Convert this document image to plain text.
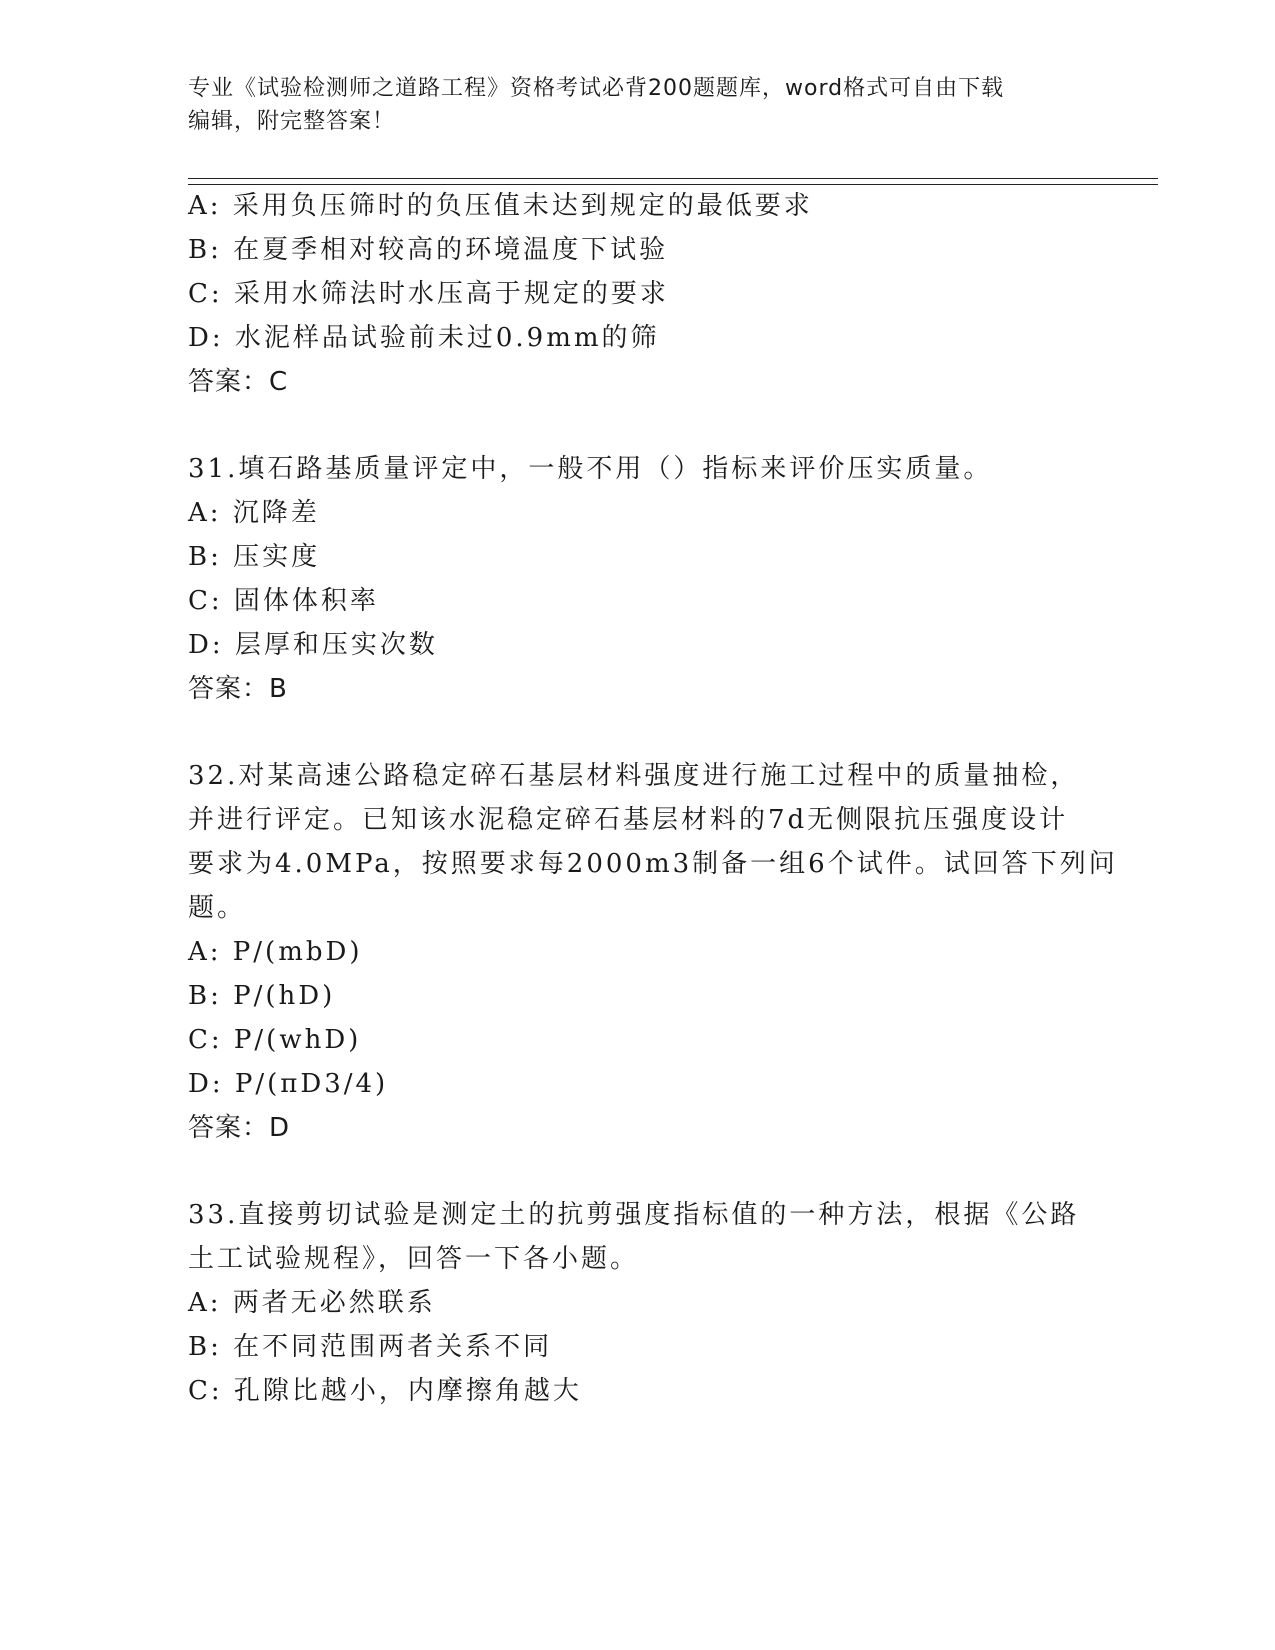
专业《试验检测师之道路工程》资格考试必背200题题库，word格式可自由下载
编辑，附完整答案！
A: 采用负压筛时的负压值未达到规定的最低要求
B: 在夏季相对较高的环境温度下试验
C: 采用水筛法时水压高于规定的要求
D: 水泥样品试验前未过0.9mm的筛
答案：C
31.填石路基质量评定中，一般不用（）指标来评价压实质量。
A: 沉降差
B: 压实度
C: 固体体积率
D: 层厚和压实次数
答案：B
32.对某高速公路稳定碎石基层材料强度进行施工过程中的质量抽检，
并进行评定。已知该水泥稳定碎石基层材料的7d无侧限抗压强度设计
要求为4.0MPa，按照要求每2000m3制备一组6个试件。试回答下列问
题。
A: P/(mbD)
B: P/(hD)
C: P/(whD)
D: P/(πD3/4)
答案：D
33.直接剪切试验是测定土的抗剪强度指标值的一种方法，根据《公路
土工试验规程》，回答一下各小题。
A: 两者无必然联系
B: 在不同范围两者关系不同
C: 孔隙比越小，内摩擦角越大
